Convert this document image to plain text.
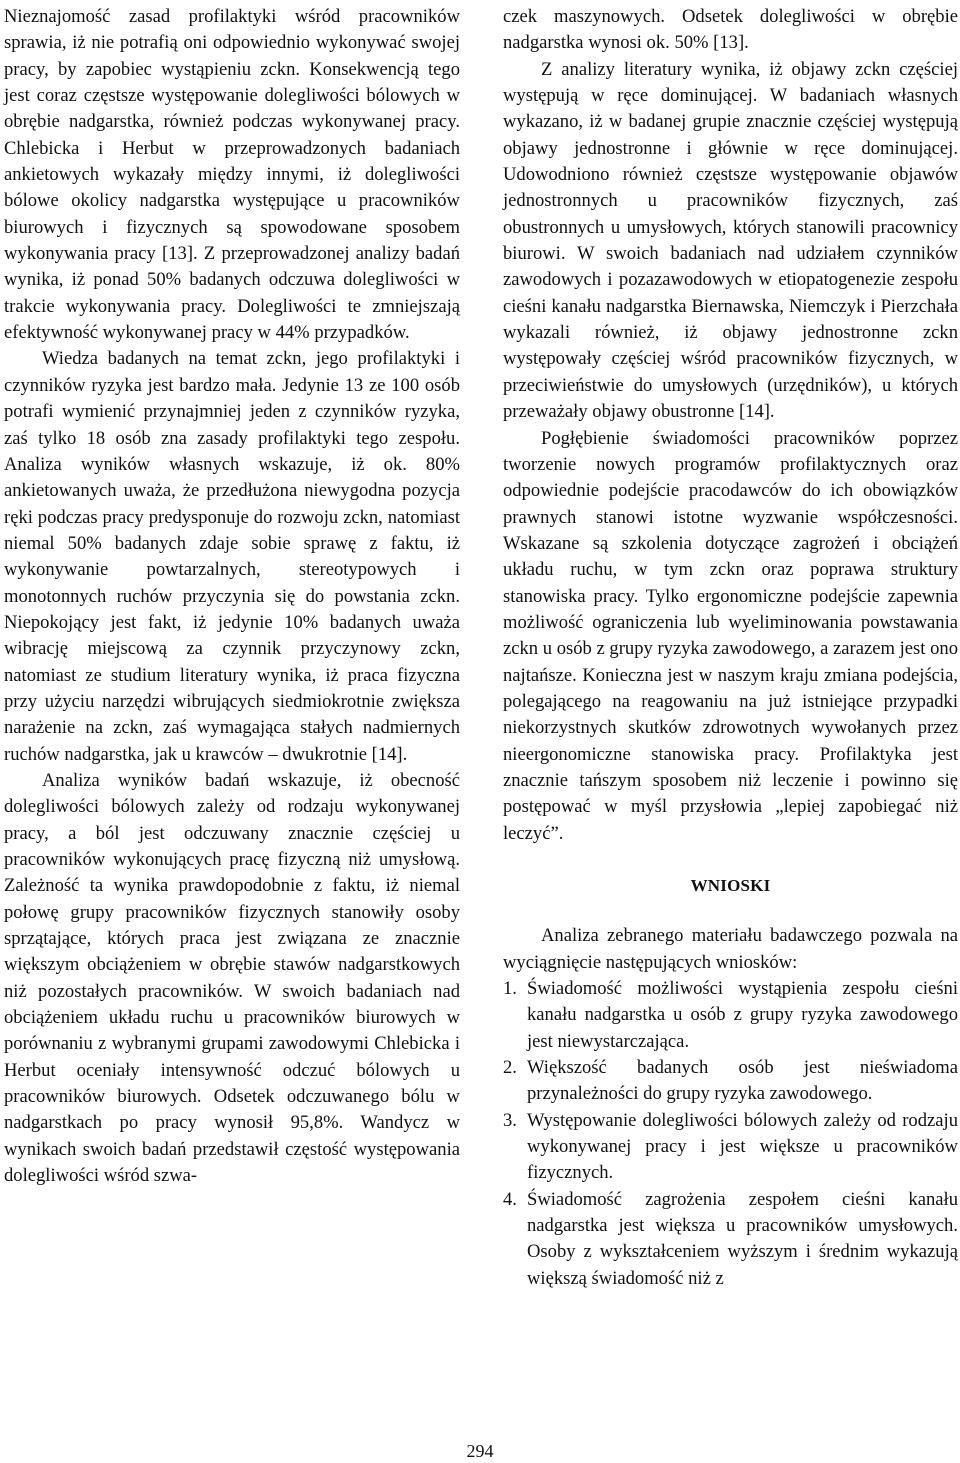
Nieznajomość zasad profilaktyki wśród pracowników sprawia, iż nie potrafią oni odpowiednio wykonywać swojej pracy, by zapobiec wystąpieniu zckn. Konsekwencją tego jest coraz częstsze występowanie dolegliwości bólowych w obrębie nadgarstka, również podczas wykonywanej pracy. Chlebicka i Herbut w przeprowadzonych badaniach ankietowych wykazały między innymi, iż dolegliwości bólowe okolicy nadgarstka występujące u pracowników biurowych i fizycznych są spowodowane sposobem wykonywania pracy [13]. Z przeprowadzonej analizy badań wynika, iż ponad 50% badanych odczuwa dolegliwości w trakcie wykonywania pracy. Dolegliwości te zmniejszają efektywność wykonywanej pracy w 44% przypadków.

Wiedza badanych na temat zckn, jego profilaktyki i czynników ryzyka jest bardzo mała. Jedynie 13 ze 100 osób potrafi wymienić przynajmniej jeden z czynników ryzyka, zaś tylko 18 osób zna zasady profilaktyki tego zespołu. Analiza wyników własnych wskazuje, iż ok. 80% ankietowanych uważa, że przedłużona niewygodna pozycja ręki podczas pracy predysponuje do rozwoju zckn, natomiast niemal 50% badanych zdaje sobie sprawę z faktu, iż wykonywanie powtarzalnych, stereotypowych i monotonnych ruchów przyczynia się do powstania zckn. Niepokojący jest fakt, iż jedynie 10% badanych uważa wibrację miejscową za czynnik przyczynowy zckn, natomiast ze studium literatury wynika, iż praca fizyczna przy użyciu narzędzi wibrujących siedmiokrotnie zwiększa narażenie na zckn, zaś wymagająca stałych nadmiernych ruchów nadgarstka, jak u krawców – dwukrotnie [14].

Analiza wyników badań wskazuje, iż obecność dolegliwości bólowych zależy od rodzaju wykonywanej pracy, a ból jest odczuwany znacznie częściej u pracowników wykonujących pracę fizyczną niż umysłową. Zależność ta wynika prawdopodobnie z faktu, iż niemal połowę grupy pracowników fizycznych stanowiły osoby sprzątające, których praca jest związana ze znacznie większym obciążeniem w obrębie stawów nadgarstkowych niż pozostałych pracowników. W swoich badaniach nad obciążeniem układu ruchu u pracowników biurowych w porównaniu z wybranymi grupami zawodowymi Chlebicka i Herbut oceniały intensywność odczuć bólowych u pracowników biurowych. Odsetek odczuwanego bólu w nadgarstkach po pracy wynosił 95,8%. Wandycz w wynikach swoich badań przedstawił częstość występowania dolegliwości wśród szwa-

czek maszynowych. Odsetek dolegliwości w obrębie nadgarstka wynosi ok. 50% [13].

Z analizy literatury wynika, iż objawy zckn częściej występują w ręce dominującej. W badaniach własnych wykazano, iż w badanej grupie znacznie częściej występują objawy jednostronne i głównie w ręce dominującej. Udowodniono również częstsze występowanie objawów jednostronnych u pracowników fizycznych, zaś obustronnych u umysłowych, których stanowili pracownicy biurowi. W swoich badaniach nad udziałem czynników zawodowych i pozazawodowych w etiopatogenezie zespołu cieśni kanału nadgarstka Biernawska, Niemczyk i Pierzchała wykazali również, iż objawy jednostronne zckn występowały częściej wśród pracowników fizycznych, w przeciwieństwie do umysłowych (urzędników), u których przeważały objawy obustronne [14].

Pogłębienie świadomości pracowników poprzez tworzenie nowych programów profilaktycznych oraz odpowiednie podejście pracodawców do ich obowiązków prawnych stanowi istotne wyzwanie współczesności. Wskazane są szkolenia dotyczące zagrożeń i obciążeń układu ruchu, w tym zckn oraz poprawa struktury stanowiska pracy. Tylko ergonomiczne podejście zapewnia możliwość ograniczenia lub wyeliminowania powstawania zckn u osób z grupy ryzyka zawodowego, a zarazem jest ono najtańsze. Konieczna jest w naszym kraju zmiana podejścia, polegającego na reagowaniu na już istniejące przypadki niekorzystnych skutków zdrowotnych wywołanych przez nieergonomiczne stanowiska pracy. Profilaktyka jest znacznie tańszym sposobem niż leczenie i powinno się postępować w myśl przysłowia „lepiej zapobiegać niż leczyć”.

WNIOSKI

Analiza zebranego materiału badawczego pozwala na wyciągnięcie następujących wniosków:

1. Świadomość możliwości wystąpienia zespołu cieśni kanału nadgarstka u osób z grupy ryzyka zawodowego jest niewystarczająca.
2. Większość badanych osób jest nieświadoma przynależności do grupy ryzyka zawodowego.
3. Występowanie dolegliwości bólowych zależy od rodzaju wykonywanej pracy i jest większe u pracowników fizycznych.
4. Świadomość zagrożenia zespołem cieśni kanału nadgarstka jest większa u pracowników umysłowych. Osoby z wykształceniem wyższym i średnim wykazują większą świadomość niż z
294
